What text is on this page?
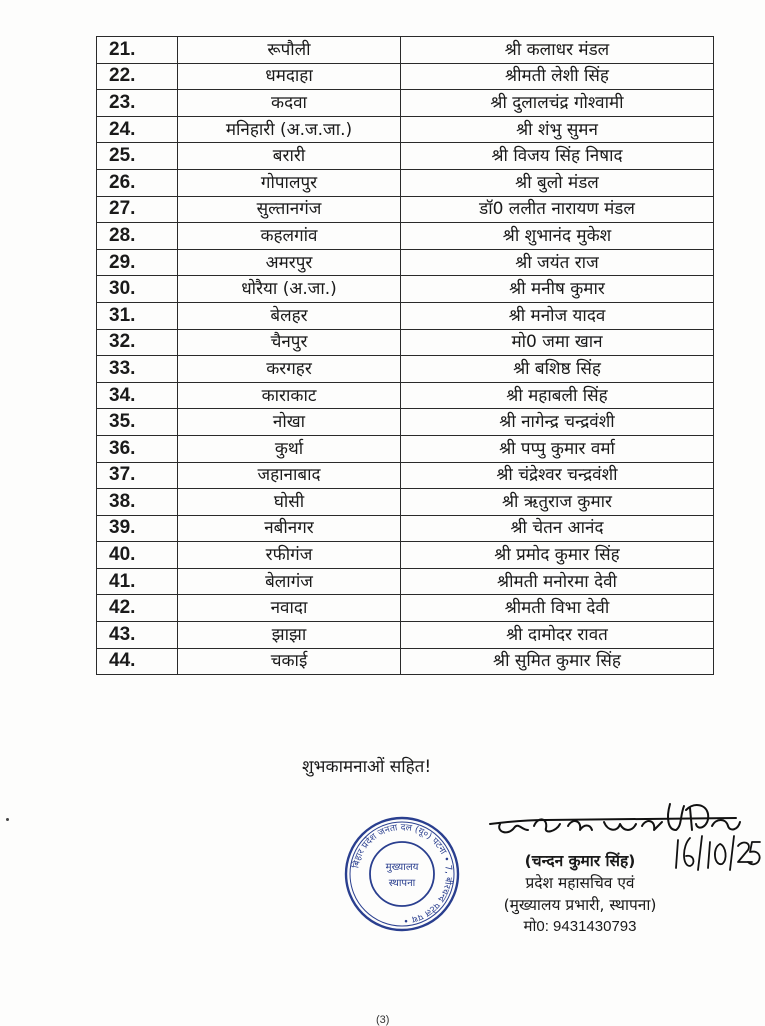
21.	रूपौली	श्री कलाधर मंडल
22.	धमदाहा	श्रीमती लेशी सिंह
23.	कदवा	श्री दुलालचंद्र गोश्वामी
24.	मनिहारी (अ.ज.जा.)	श्री शंभु सुमन
25.	बरारी	श्री विजय सिंह निषाद
26.	गोपालपुर	श्री बुलो मंडल
27.	सुल्तानगंज	डॉ0 ललीत नारायण मंडल
28.	कहलगांव	श्री शुभानंद मुकेश
29.	अमरपुर	श्री जयंत राज
30.	धोरैया (अ.जा.)	श्री मनीष कुमार
31.	बेलहर	श्री मनोज यादव
32.	चैनपुर	मो0 जमा खान
33.	करगहर	श्री बशिष्ठ सिंह
34.	काराकाट	श्री महाबली सिंह
35.	नोखा	श्री नागेन्द्र चन्द्रवंशी
36.	कुर्था	श्री पप्पु कुमार वर्मा
37.	जहानाबाद	श्री चंद्रेश्वर चन्द्रवंशी
38.	घोसी	श्री ऋतुराज कुमार
39.	नबीनगर	श्री चेतन आनंद
40.	रफीगंज	श्री प्रमोद कुमार सिंह
41.	बेलागंज	श्रीमती मनोरमा देवी
42.	नवादा	श्रीमती विभा देवी
43.	झाझा	श्री दामोदर रावत
44.	चकाई	श्री सुमित कुमार सिंह
शुभकामनाओं सहित!
(चन्दन कुमार सिंह)
प्रदेश महासचिव एवं
(मुख्यालय प्रभारी, स्थापना)
मो0: 9431430793
बिहार प्रदेश जनता दल (यू०) पटना • 7, बीरचन्द पटेल पथ •
मुख्यालय
स्थापना
(3)
